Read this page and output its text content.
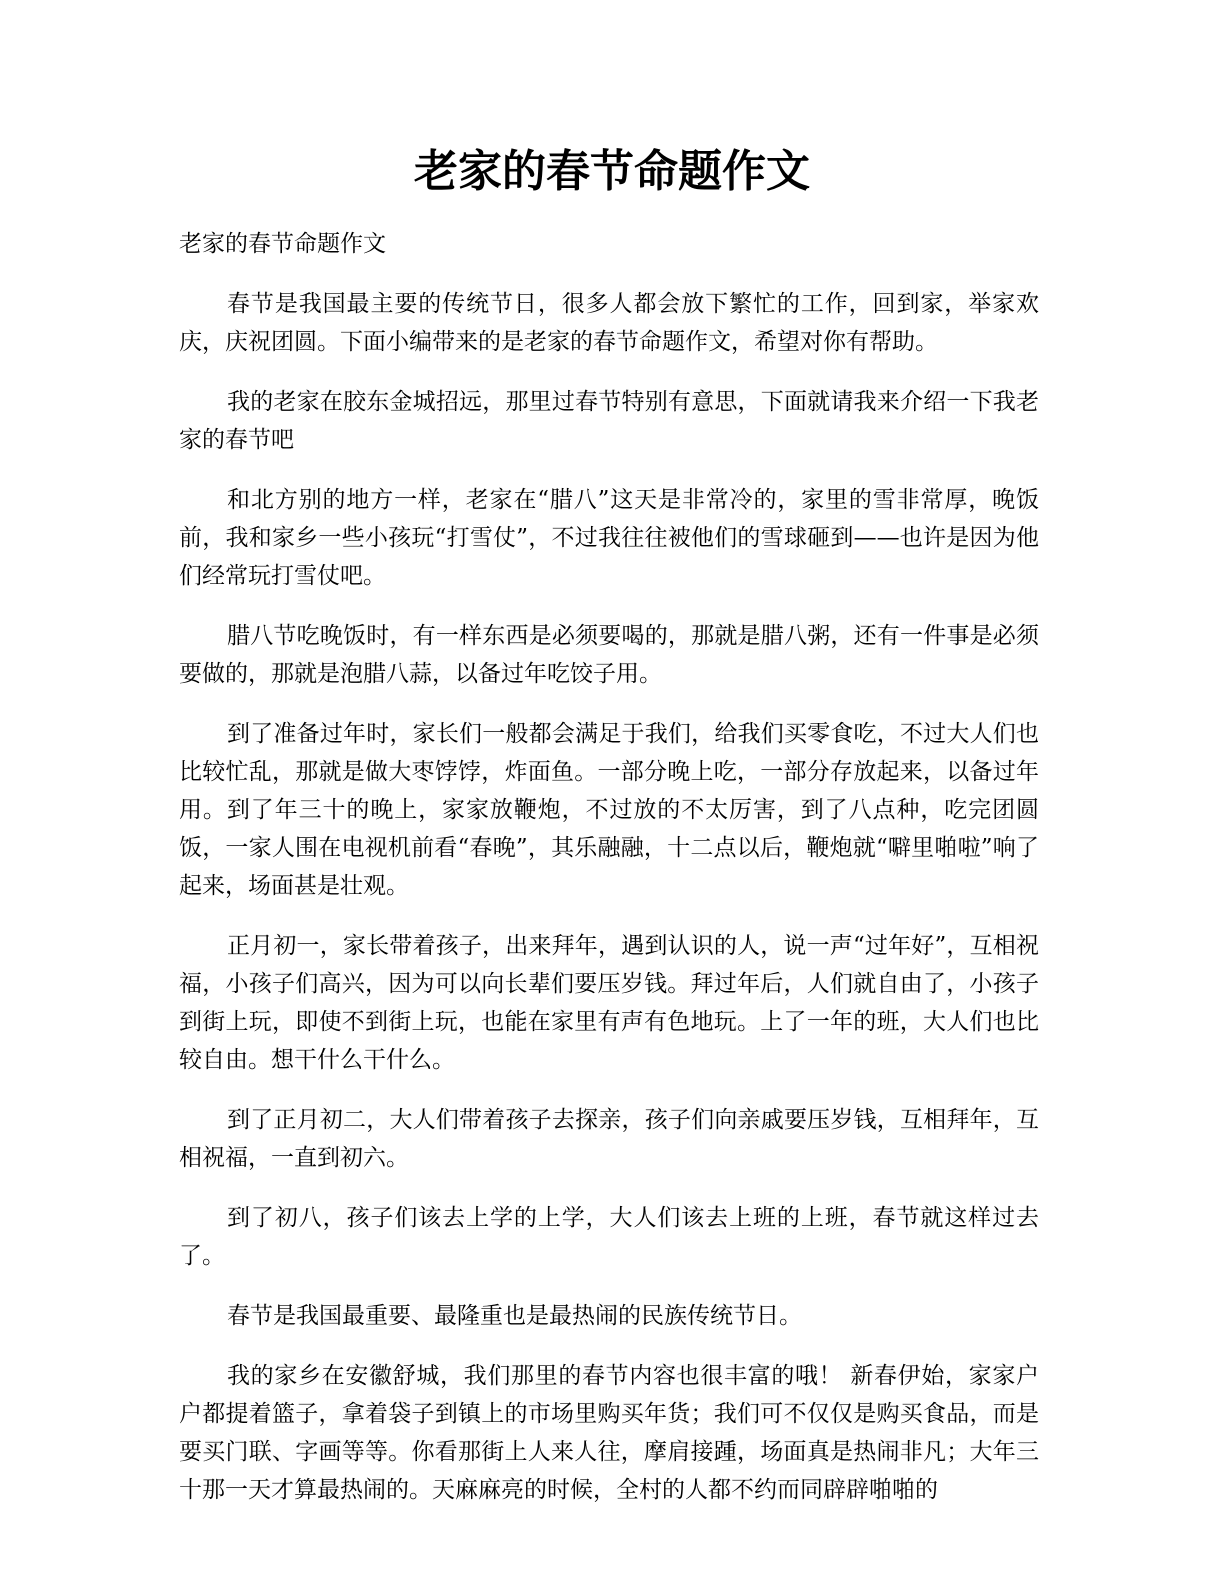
老家的春节命题作文

老家的春节命题作文

春节是我国最主要的传统节日，很多人都会放下繁忙的工作，回到家，举家欢庆，庆祝团圆。下面小编带来的是老家的春节命题作文，希望对你有帮助。

我的老家在胶东金城招远，那里过春节特别有意思，下面就请我来介绍一下我老家的春节吧

和北方别的地方一样，老家在“腊八”这天是非常冷的，家里的雪非常厚，晚饭前，我和家乡一些小孩玩“打雪仗”，不过我往往被他们的雪球砸到——也许是因为他们经常玩打雪仗吧。

腊八节吃晚饭时，有一样东西是必须要喝的，那就是腊八粥，还有一件事是必须要做的，那就是泡腊八蒜，以备过年吃饺子用。

到了准备过年时，家长们一般都会满足于我们，给我们买零食吃，不过大人们也比较忙乱，那就是做大枣饽饽，炸面鱼。一部分晚上吃，一部分存放起来，以备过年用。到了年三十的晚上，家家放鞭炮，不过放的不太厉害，到了八点种，吃完团圆饭，一家人围在电视机前看“春晚”，其乐融融，十二点以后，鞭炮就“噼里啪啦”响了起来，场面甚是壮观。

正月初一，家长带着孩子，出来拜年，遇到认识的人，说一声“过年好”，互相祝福，小孩子们高兴，因为可以向长辈们要压岁钱。拜过年后，人们就自由了，小孩子到街上玩，即使不到街上玩，也能在家里有声有色地玩。上了一年的班，大人们也比较自由。想干什么干什么。

到了正月初二，大人们带着孩子去探亲，孩子们向亲戚要压岁钱，互相拜年，互相祝福，一直到初六。

到了初八，孩子们该去上学的上学，大人们该去上班的上班，春节就这样过去了。

春节是我国最重要、最隆重也是最热闹的民族传统节日。

我的家乡在安徽舒城，我们那里的春节内容也很丰富的哦！ 新春伊始，家家户户都提着篮子，拿着袋子到镇上的市场里购买年货；我们可不仅仅是购买食品，而是要买门联、字画等等。你看那街上人来人往，摩肩接踵，场面真是热闹非凡；大年三十那一天才算最热闹的。天麻麻亮的时候，全村的人都不约而同辟辟啪啪的
